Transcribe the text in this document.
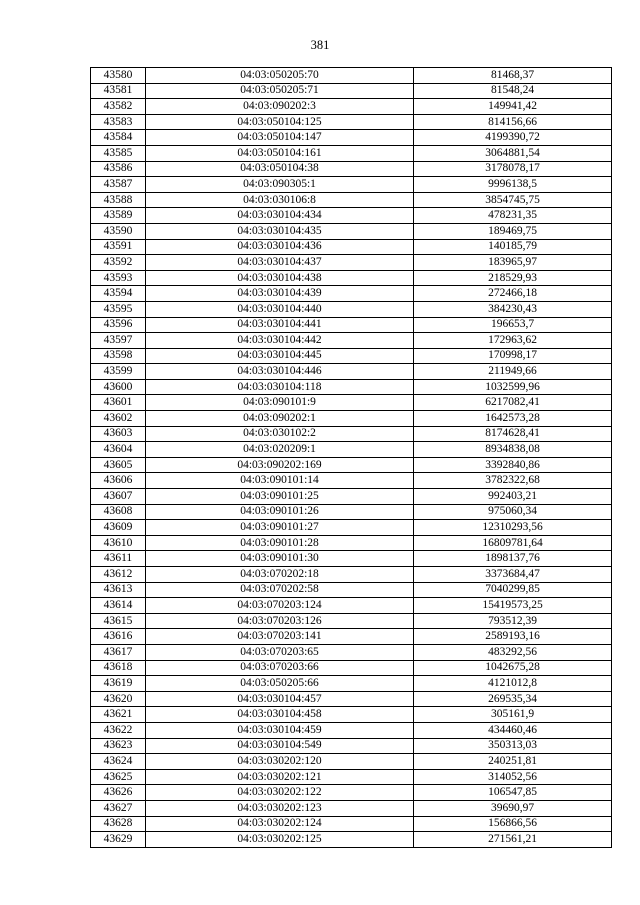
381
43580	04:03:050205:70	81468,37
43581	04:03:050205:71	81548,24
43582	04:03:090202:3	149941,42
43583	04:03:050104:125	814156,66
43584	04:03:050104:147	4199390,72
43585	04:03:050104:161	3064881,54
43586	04:03:050104:38	3178078,17
43587	04:03:090305:1	9996138,5
43588	04:03:030106:8	3854745,75
43589	04:03:030104:434	478231,35
43590	04:03:030104:435	189469,75
43591	04:03:030104:436	140185,79
43592	04:03:030104:437	183965,97
43593	04:03:030104:438	218529,93
43594	04:03:030104:439	272466,18
43595	04:03:030104:440	384230,43
43596	04:03:030104:441	196653,7
43597	04:03:030104:442	172963,62
43598	04:03:030104:445	170998,17
43599	04:03:030104:446	211949,66
43600	04:03:030104:118	1032599,96
43601	04:03:090101:9	6217082,41
43602	04:03:090202:1	1642573,28
43603	04:03:030102:2	8174628,41
43604	04:03:020209:1	8934838,08
43605	04:03:090202:169	3392840,86
43606	04:03:090101:14	3782322,68
43607	04:03:090101:25	992403,21
43608	04:03:090101:26	975060,34
43609	04:03:090101:27	12310293,56
43610	04:03:090101:28	16809781,64
43611	04:03:090101:30	1898137,76
43612	04:03:070202:18	3373684,47
43613	04:03:070202:58	7040299,85
43614	04:03:070203:124	15419573,25
43615	04:03:070203:126	793512,39
43616	04:03:070203:141	2589193,16
43617	04:03:070203:65	483292,56
43618	04:03:070203:66	1042675,28
43619	04:03:050205:66	4121012,8
43620	04:03:030104:457	269535,34
43621	04:03:030104:458	305161,9
43622	04:03:030104:459	434460,46
43623	04:03:030104:549	350313,03
43624	04:03:030202:120	240251,81
43625	04:03:030202:121	314052,56
43626	04:03:030202:122	106547,85
43627	04:03:030202:123	39690,97
43628	04:03:030202:124	156866,56
43629	04:03:030202:125	271561,21
